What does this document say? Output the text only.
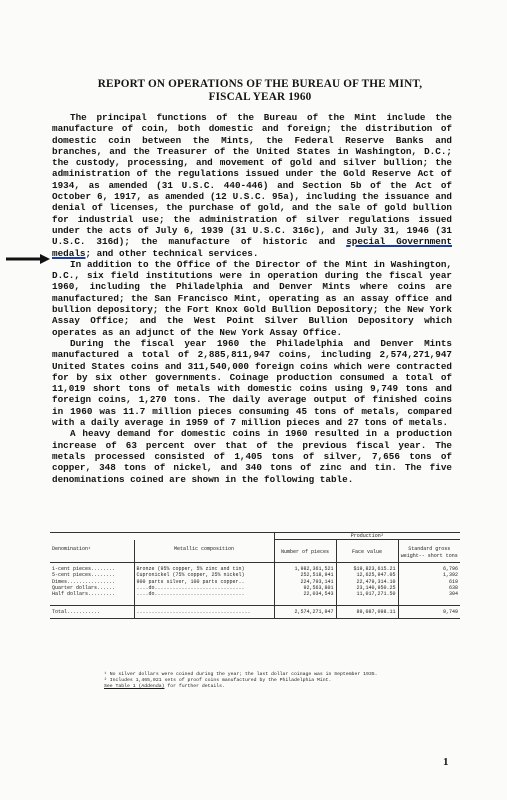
REPORT ON OPERATIONS OF THE BUREAU OF THE MINT,
FISCAL YEAR 1960

The principal functions of the Bureau of the Mint include the manufacture of coin, both domestic and foreign; the distribution of domestic coin between the Mints, the Federal Reserve Banks and branches, and the Treasurer of the United States in Washington, D.C.; the custody, processing, and movement of gold and silver bullion; the administration of the regulations issued under the Gold Reserve Act of 1934, as amended (31 U.S.C. 440-446) and Section 5b of the Act of October 6, 1917, as amended (12 U.S.C. 95a), including the issuance and denial of licenses, the purchase of gold, and the sale of gold bullion for industrial use; the administration of silver regulations issued under the acts of July 6, 1939 (31 U.S.C. 316c), and July 31, 1946 (31 U.S.C. 316d); the manufacture of historic and special Government medals; and other technical services.

In addition to the Office of the Director of the Mint in Washington, D.C., six field institutions were in operation during the fiscal year 1960, including the Philadelphia and Denver Mints where coins are manufactured; the San Francisco Mint, operating as an assay office and bullion depository; the Fort Knox Gold Bullion Depository; the New York Assay Office; and the West Point Silver Bullion Depository which operates as an adjunct of the New York Assay Office.

During the fiscal year 1960 the Philadelphia and Denver Mints manufactured a total of 2,885,811,947 coins, including 2,574,271,947 United States coins and 311,540,000 foreign coins which were contracted for by six other governments. Coinage production consumed a total of 11,019 short tons of metals with domestic coins using 9,749 tons and foreign coins, 1,270 tons. The daily average output of finished coins in 1960 was 11.7 million pieces consuming 45 tons of metals, compared with a daily average in 1959 of 7 million pieces and 27 tons of metals.

A heavy demand for domestic coins in 1960 resulted in a production increase of 63 percent over that of the previous fiscal year. The metals processed consisted of 1,405 tons of silver, 7,656 tons of copper, 348 tons of nickel, and 340 tons of zinc and tin. The five denominations coined are shown in the following table.

		Production²		
Denomination¹	Metallic composition	Number of pieces	Face value	Standard gross weight-- short tons
1-cent pieces........	Bronze (95% copper, 5% zinc and tin)	1,982,361,521	$19,823,615.21	6,796
5-cent pieces........	Cupronickel (75% copper, 25% nickel)	252,518,941	12,625,947.05	1,392
Dimes................	900 parts silver, 100 parts copper..	224,793,141	22,479,314.10	619
Quarter dollars......	....do..............................	92,563,801	23,140,950.25	638
Half dollars.........	....do..............................	22,034,543	11,017,271.50	304
Total...........	......................................	2,574,271,947	89,087,098.11	9,749
¹ No silver dollars were coined during the year; the last dollar coinage was in September 1935.
² Includes 1,465,021 sets of proof coins manufactured by the Philadelphia Mint.
See Table 1 (Addenda) for further details.
1
